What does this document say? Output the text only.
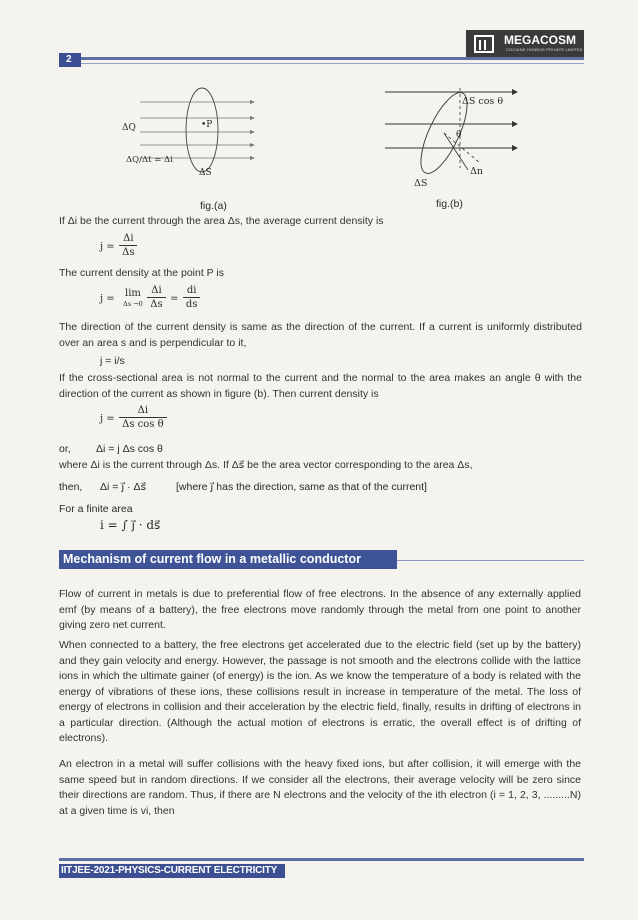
2
MEGACOSM
COCAINE HONDIIS PRIVATE LIMITED
ΔQ	•P
ΔQ/Δt = Δi
ΔS
fig.(a)
ΔS cos θ
θ
Δn
ΔS
fig.(b)
If Δi be the current through the area Δs, the average current density is
$j = \frac{\Delta i}{\Delta s}$
The current density at the point P is
j =
lim
Δs →0
$\frac{\Delta i}{\Delta s} = \frac{di}{ds}$
The direction of the current density is same as the direction of the current. If a current is uniformly distributed over an area s and is perpendicular to it,
j = i/s
If the cross-sectional area is not normal to the current and the normal to the area makes an angle θ with the direction of the current as shown in figure (b). Then current density is
$j = \frac{\Delta i}{\text{Δs cos θ}}$
or, Δi = j Δs cos θ
where Δi is the current through Δs. If Δs⃗ be the area vector corresponding to the area Δs,
then, Δi = j⃗ · Δs⃗	[where j⃗ has the direction, same as that of the current]
For a finite area
i = ∫ j⃗ · ds⃗
Mechanism of current flow in a metallic conductor
Flow of current in metals is due to preferential flow of free electrons. In the absence of any externally applied emf (by means of a battery), the free electrons move randomly through the metal from one point to another giving zero net current.
When connected to a battery, the free electrons get accelerated due to the electric field (set up by the battery) and they gain velocity and energy. However, the passage is not smooth and the electrons collide with the lattice ions in which the ultimate gainer (of energy) is the ion. As we know the temperature of a body is related with the energy of vibrations of these ions, these collisions result in increase in temperature of the metal. The loss of energy of electrons in collision and their acceleration by the electric field, finally, results in drifting of electrons in a particular direction. (Although the actual motion of electrons is erratic, the overall effect is of drifting of electrons).
An electron in a metal will suffer collisions with the heavy fixed ions, but after collision, it will emerge with the same speed but in random directions. If we consider all the electrons, their average velocity will be zero since their directions are random. Thus, if there are N electrons and the velocity of the ith electron (i = 1, 2, 3, .........N) at a given time is vi, then
IITJEE-2021-PHYSICS-CURRENT ELECTRICITY
